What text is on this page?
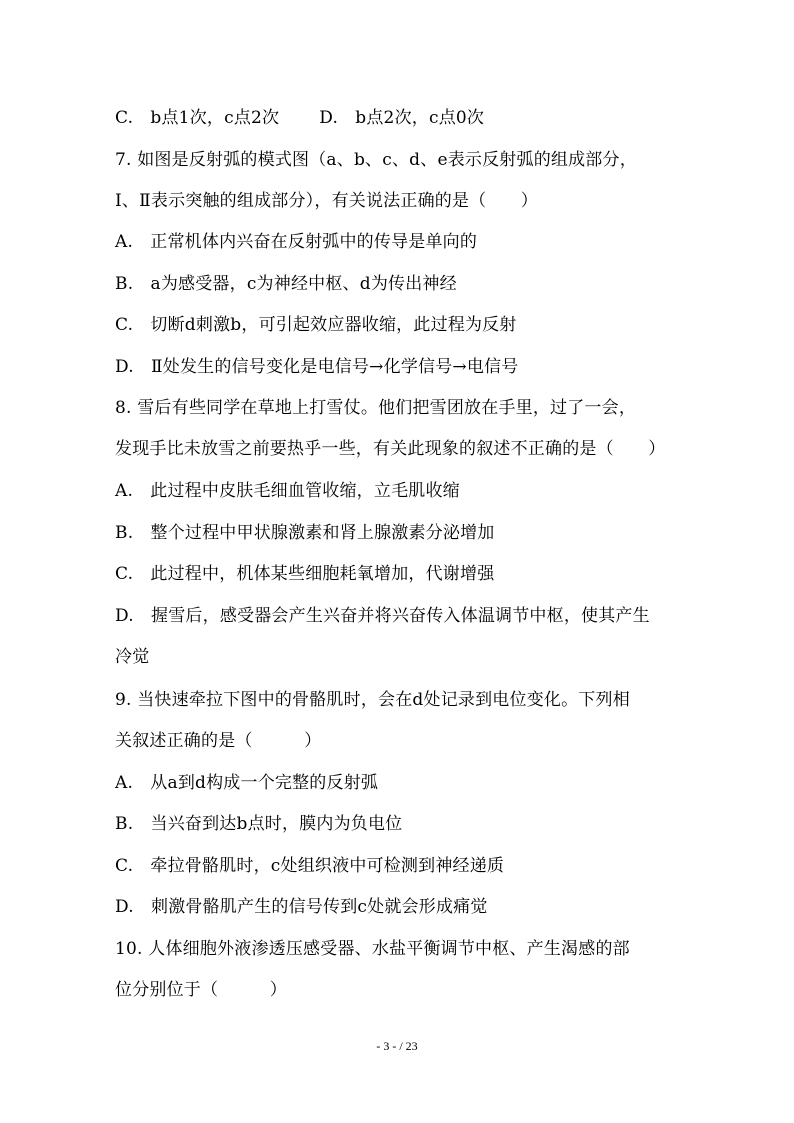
C.　b点1次，c点2次　　 D.　b点2次，c点0次
7. 如图是反射弧的模式图（a、b、c、d、e表示反射弧的组成部分，
Ⅰ、Ⅱ表示突触的组成部分），有关说法正确的是（　　）
A.　正常机体内兴奋在反射弧中的传导是单向的
B.　a为感受器，c为神经中枢、d为传出神经
C.　切断d刺激b，可引起效应器收缩，此过程为反射
D.　Ⅱ处发生的信号变化是电信号→化学信号→电信号
8. 雪后有些同学在草地上打雪仗。他们把雪团放在手里，过了一会，
发现手比未放雪之前要热乎一些，有关此现象的叙述不正确的是（　　）
A.　此过程中皮肤毛细血管收缩，立毛肌收缩
B.　整个过程中甲状腺激素和肾上腺激素分泌增加
C.　此过程中，机体某些细胞耗氧增加，代谢增强
D.　握雪后，感受器会产生兴奋并将兴奋传入体温调节中枢，使其产生
冷觉
9. 当快速牵拉下图中的骨骼肌时，会在d处记录到电位变化。下列相
关叙述正确的是（　　　）
A.　从a到d构成一个完整的反射弧
B.　当兴奋到达b点时，膜内为负电位
C.　牵拉骨骼肌时，c处组织液中可检测到神经递质
D.　刺激骨骼肌产生的信号传到c处就会形成痛觉
10. 人体细胞外液渗透压感受器、水盐平衡调节中枢、产生渴感的部
位分别位于（　　　）
- 3 - / 23
